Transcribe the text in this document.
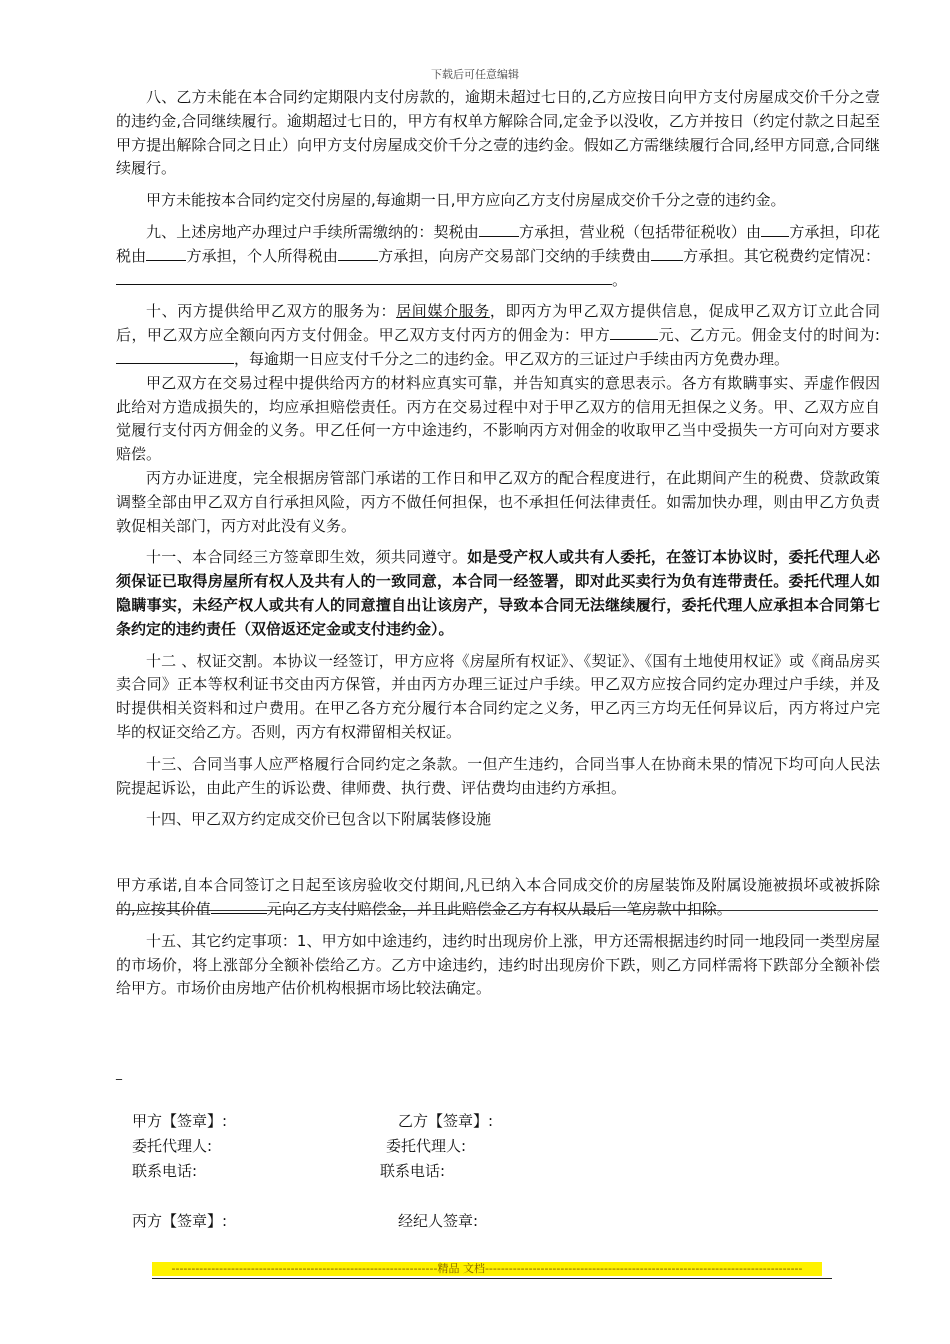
下载后可任意编辑

八、乙方未能在本合同约定期限内支付房款的，逾期未超过七日的,乙方应按日向甲方支付房屋成交价千分之壹的违约金,合同继续履行。逾期超过七日的，甲方有权单方解除合同,定金予以没收，乙方并按日（约定付款之日起至甲方提出解除合同之日止）向甲方支付房屋成交价千分之壹的违约金。假如乙方需继续履行合同,经甲方同意,合同继续履行。

甲方未能按本合同约定交付房屋的,每逾期一日,甲方应向乙方支付房屋成交价千分之壹的违约金。

九、上述房地产办理过户手续所需缴纳的：契税由	方承担，营业税（包括带征税收）由 方承担，印花税由	方承担，个人所得税由	方承担，向房产交易部门交纳的手续费由 方承担。其它税费约定情况：。

十、丙方提供给甲乙双方的服务为：居间媒介服务，即丙方为甲乙双方提供信息，促成甲乙双方订立此合同后，甲乙双方应全额向丙方支付佣金。甲乙双方支付丙方的佣金为：甲方	元、乙方元。佣金支付的时间为:，每逾期一日应支付千分之二的违约金。甲乙双方的三证过户手续由丙方免费办理。

甲乙双方在交易过程中提供给丙方的材料应真实可靠，并告知真实的意思表示。各方有欺瞒事实、弄虚作假因此给对方造成损失的，均应承担赔偿责任。丙方在交易过程中对于甲乙双方的信用无担保之义务。甲、乙双方应自觉履行支付丙方佣金的义务。甲乙任何一方中途违约，不影响丙方对佣金的收取甲乙当中受损失一方可向对方要求赔偿。

丙方办证进度，完全根据房管部门承诺的工作日和甲乙双方的配合程度进行，在此期间产生的税费、贷款政策调整全部由甲乙双方自行承担风险，丙方不做任何担保，也不承担任何法律责任。如需加快办理，则由甲乙方负责敦促相关部门，丙方对此没有义务。

十一、本合同经三方签章即生效，须共同遵守。如是受产权人或共有人委托，在签订本协议时，委托代理人必须保证已取得房屋所有权人及共有人的一致同意，本合同一经签署，即对此买卖行为负有连带责任。委托代理人如隐瞒事实，未经产权人或共有人的同意擅自出让该房产，导致本合同无法继续履行，委托代理人应承担本合同第七条约定的违约责任（双倍返还定金或支付违约金）。

十二 、权证交割。本协议一经签订，甲方应将《房屋所有权证》、《契证》、《国有土地使用权证》或《商品房买卖合同》正本等权利证书交由丙方保管，并由丙方办理三证过户手续。甲乙双方应按合同约定办理过户手续，并及时提供相关资料和过户费用。在甲乙各方充分履行本合同约定之义务，甲乙丙三方均无任何异议后，丙方将过户完毕的权证交给乙方。否则，丙方有权滞留相关权证。

十三、合同当事人应严格履行合同约定之条款。一但产生违约，合同当事人在协商未果的情况下均可向人民法院提起诉讼，由此产生的诉讼费、律师费、执行费、评估费均由违约方承担。

十四、甲乙双方约定成交价已包含以下附属装修设施

甲方承诺,自本合同签订之日起至该房验收交付期间,凡已纳入本合同成交价的房屋装饰及附属设施被损坏或被拆除的,应按其价值	元向乙方支付赔偿金，并且此赔偿金乙方有权从最后一笔房款中扣除。

十五、其它约定事项：1、甲方如中途违约，违约时出现房价上涨，甲方还需根据违约时同一地段同一类型房屋的市场价，将上涨部分全额补偿给乙方。乙方中途违约，违约时出现房价下跌，则乙方同样需将下跌部分全额补偿给甲方。市场价由房地产估价机构根据市场比较法确定。

_
甲方【签章】:	乙方【签章】:
委托代理人:	委托代理人:
联系电话:	联系电话:
丙方【签章】:	经纪人签章:
-------------------------------------------------------------------精品 文档--------------------------------------------------------------------------------
